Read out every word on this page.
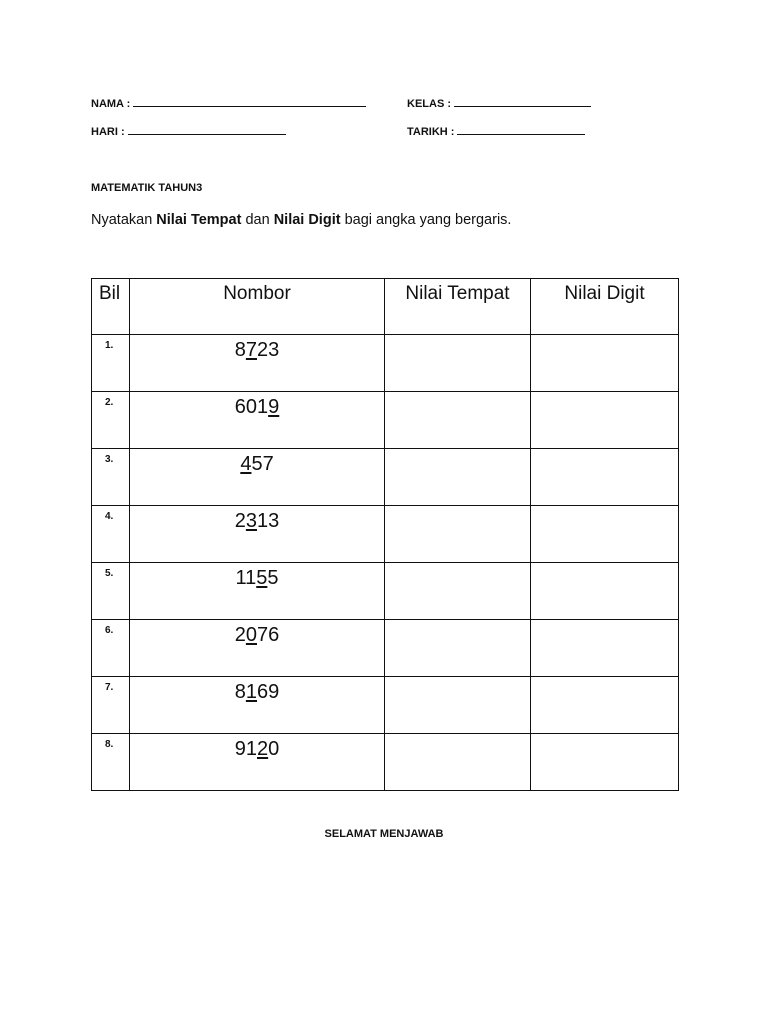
NAMA :	KELAS :
HARI :	TARIKH :
MATEMATIK TAHUN3
Nyatakan Nilai Tempat dan Nilai Digit bagi angka yang bergaris.
Bil	Nombor	Nilai Tempat	Nilai Digit
1.	8723		
2.	6019		
3.	457		
4.	2313		
5.	1155		
6.	2076		
7.	8169		
8.	9120		
SELAMAT MENJAWAB
